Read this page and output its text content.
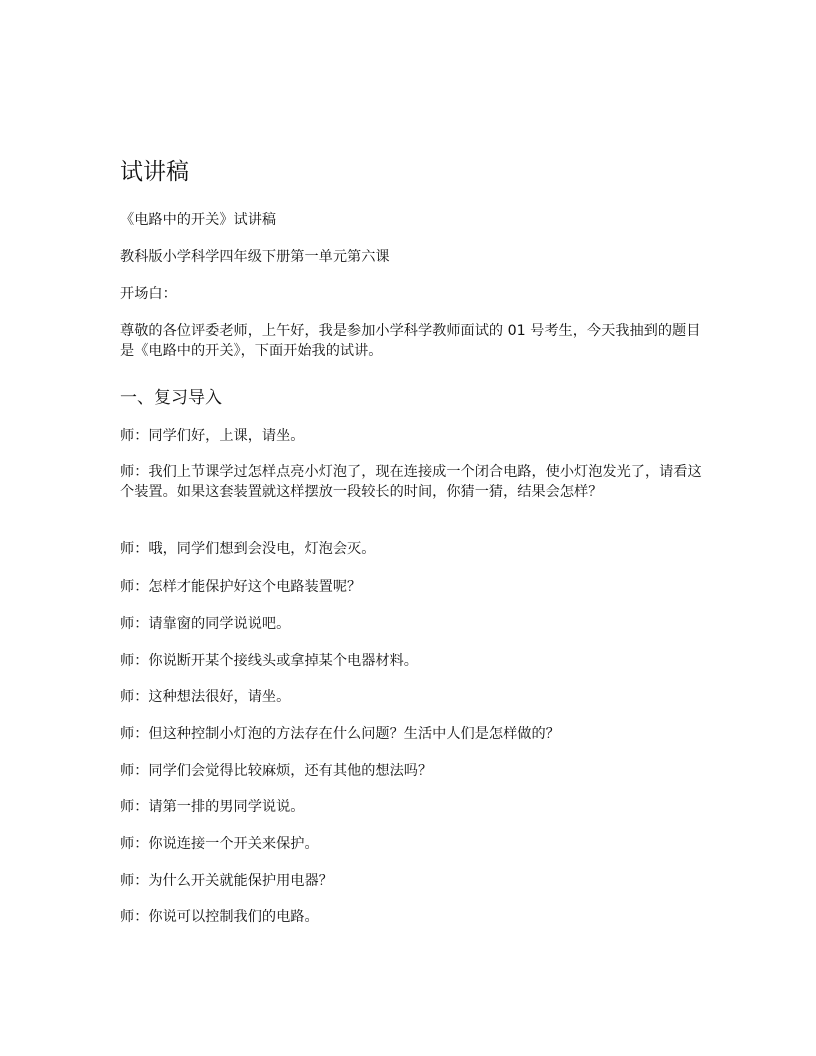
试讲稿

《电路中的开关》试讲稿

教科版小学科学四年级下册第一单元第六课

开场白：

尊敬的各位评委老师，上午好，我是参加小学科学教师面试的 01 号考生，今天我抽到的题目是《电路中的开关》，下面开始我的试讲。

一、复习导入

师：同学们好，上课，请坐。

师：我们上节课学过怎样点亮小灯泡了，现在连接成一个闭合电路，使小灯泡发光了，请看这个装置。如果这套装置就这样摆放一段较长的时间，你猜一猜，结果会怎样？

师：哦，同学们想到会没电，灯泡会灭。

师：怎样才能保护好这个电路装置呢？

师：请靠窗的同学说说吧。

师：你说断开某个接线头或拿掉某个电器材料。

师：这种想法很好，请坐。

师：但这种控制小灯泡的方法存在什么问题？生活中人们是怎样做的？

师：同学们会觉得比较麻烦，还有其他的想法吗？

师：请第一排的男同学说说。

师：你说连接一个开关来保护。

师：为什么开关就能保护用电器？

师：你说可以控制我们的电路。
